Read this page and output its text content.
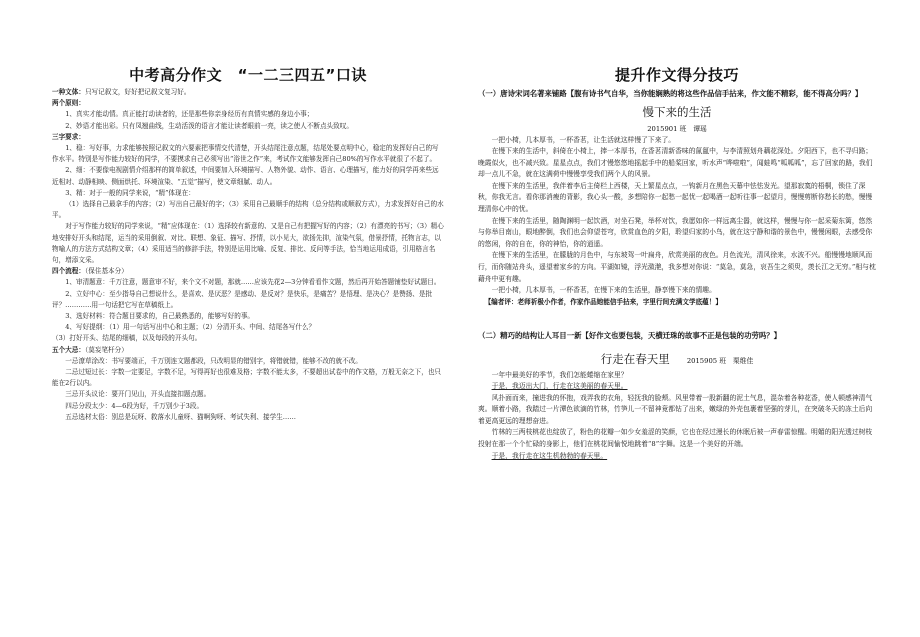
中考高分作文　“一二三四五”口诀

一种文体：只写记叙文，好好把记叙文复习好。

两个原则：

1、真实才能动情。真正能打动读者的，还是那些你亲身经历有真情实感的身边小事；

2、妙语才能出彩。只有凤翘曲线，生动活泼的语言才能让读者眼前一亮，读之使人不断点头致叹。

三字要求：

1、稳：写好事，力求能够按照记叙文的六要素把事情交代清楚，开头结尾注意点题，结尾处要点明中心，稳定的发挥好自己的写作水平。特别是写作能力较好的同学，不要摸求自己必须写出“浴世之作”来，考试作文能够发挥自己80%的写作水平就很了不起了。

2、细：不要像电视剧情介绍那样的简单叙述，中间要加入环境描写、人物外貌、动作、语言、心理描写，能力好的同学再来些远近相对、动静相映、侧面烘托、环境渲染、“五觉”描写，使文章细腻、动人。

3、精：对于一般的同学来说，“精”体现在：

（1）选择自己最拿手的内容；（2）写出自己最好的字；（3）采用自己最顺手的结构（总分结构或顺叙方式），力求发挥好自己的水平。

对于写作能力较好的同学来说，“精”应体现在：（1）选择较有新意的、又是自己有把握写好的内容；（2）有漂亮的书写；（3）精心地安排好开头和结尾，运当的采用倒叙、对比、联想、象征、描写、抒情，以小见大，欲扬先抑，渲染气氛，借景抒情，托物言志，以物喻人的方法方式结构文章；（4）采用适当的修辞手法，特别是运用比喻、反复、排比、反问等手法，恰当地运用成语，引用格言名句，增添文采。

四个流程：（保住基本分）

1、审清题意：千万注意，题意审不好，来个文不对题，那就……应该先花2—3分钟看看作文题，然后再开始答题铺垫好试题目。

2、立好中心：至少指导自己想说什么，是喜欢、是厌恶？是感动、是反对？是快乐，是痛苦？是悟理、是决心？是赞扬、是批评？…………用一句话把它写在草稿纸上。

3、选好材料：符合题目要求的，自己最熟悉的，能够写好的事。

4、写好提纲：（1）用一句话写出中心和主题；（2）分清开头、中间、结尾各写什么？

（3）打好开头、结尾的细稿，以及每段的开头句。

五个大忌：（莫妄笔杆分）

一忌潦草涂改：书写要端正，千万别连文题都段，只改明显的错别字，将错就错，能够不改的就不改。

二忌过短过长：字数一定要足，字数不足，写得再好也很难及格；字数不能太多，不要超出试卷中的作文格，万般无奈之下，也只能在2行以内。

三忌开头议论：要开门见山，开头直接扣题点题。

四忌分段太少：4—6段为好，千万别少于3段。

五忌选材太俗：别总是玩呀、救落水儿童呀、猫啊狗呀、考试失利、接学生……

提升作文得分技巧

（一）唐诗宋词名著来铺路【腹有诗书气自华，当你能娴熟的将这些作品信手拈来，作文能不精彩，能不得高分吗？】

慢下来的生活

2015901 班　谭瑶

一把小椅，几本厚书，一杯香茗，让生活就这样慢了下来了。

在慢下来的生活中，斜倚在小椅上，捧一本厚书，在香茗清新香味的氤氲中，与李清照划舟藕花深处。夕阳西下，也不寻归路；晚霞似火，也不减兴致。星星点点，我们才慢悠悠地摇起手中的船桨回家，听水声“哗啦啦”，闻蛙鸣“呱呱呱”，忘了回家的路，我们却一点儿不急，就在这满荷中慢慢享受我们两个人的风景。

在慢下来的生活里，我伴着李后主倚栏上西楼，天上繁星点点，一钩新月在黑色天幕中怯怯发光。望那寂寞的梧桐，锁住了深秋，你我无言。看你那消瘦的背影，我心头一酸，多想陪你一起愁一起忧一起喝酒一起听往事一起望月，慢慢剪断你愁长的愁，慢慢理清你心中的忧。

在慢下来的生活里，随陶渊明一起饮酒，对坐石凳，举杯对饮，我愿如你一样远离尘嚣，就这样，慢慢与你一起采菊东篱，悠然与你举目南山，眼地醉倒，我们也会仰望苍穹，欣赏血色的夕阳，聆望归家的小鸟，就在这宁静和谐的景色中，慢慢闲眼，去感受你的悠闲，你的自在，你的神怡，你的逍遥。

在慢下来的生活里，在朦胧的月色中，与东坡驾一叶扁舟，欣赏美丽的夜色。月色流光，清风徐来，水波不兴。船慢慢地顺风而行，而你随站舟头，遥望着家乡的方向。平湖如镜，浮光潋滟，我多想对你说：“莫急，莫急，哀吾生之须臾，羡长江之无穷。”相与枕藉舟中更有趣。

一把小椅，几本厚书，一杯香茗，在慢下来的生活里，静享慢下来的情趣。

【编者评：老师祈极小作者，作家作品她能信手拈来，字里行间充满文学底蕴！】

（二）精巧的结构让人耳目一新【好作文也要包装，天横迁珠的故事不正是包装的功劳吗？】

行走在春天里	2015905 班　栗维佳

一年中最美好的季节，我们怎能蜷缩在家里？

于是，我迈出大门，行走在这美丽的春天里。

风扑面而来，撞进我的怀抱，戏弄我的衣角，轻抚我的脸颊。风里带着一股新翻的泥土气息，混杂着各种花香，使人顿感神清气爽。顺着小路，我踏过一片潭色欲滴的竹林，竹笋儿一不留神竟都钻了出来，嫩绿的外壳包裹着坚强的芽儿，在突破冬天的冻土后向着更高更远的理想奋进。

竹林的三两枝桃花也绽放了，粉色的花瓣一如少女羞涩的笑颜，它也在经过漫长的休眠后被一声春雷惊醒。明媚的阳光透过树枝投射在那一个个忙碌的身影上，他们在桃花间愉悦地跳着“8”字舞。这是一个美好的开端。

于是，我行走在这生机勃勃的春天里。
